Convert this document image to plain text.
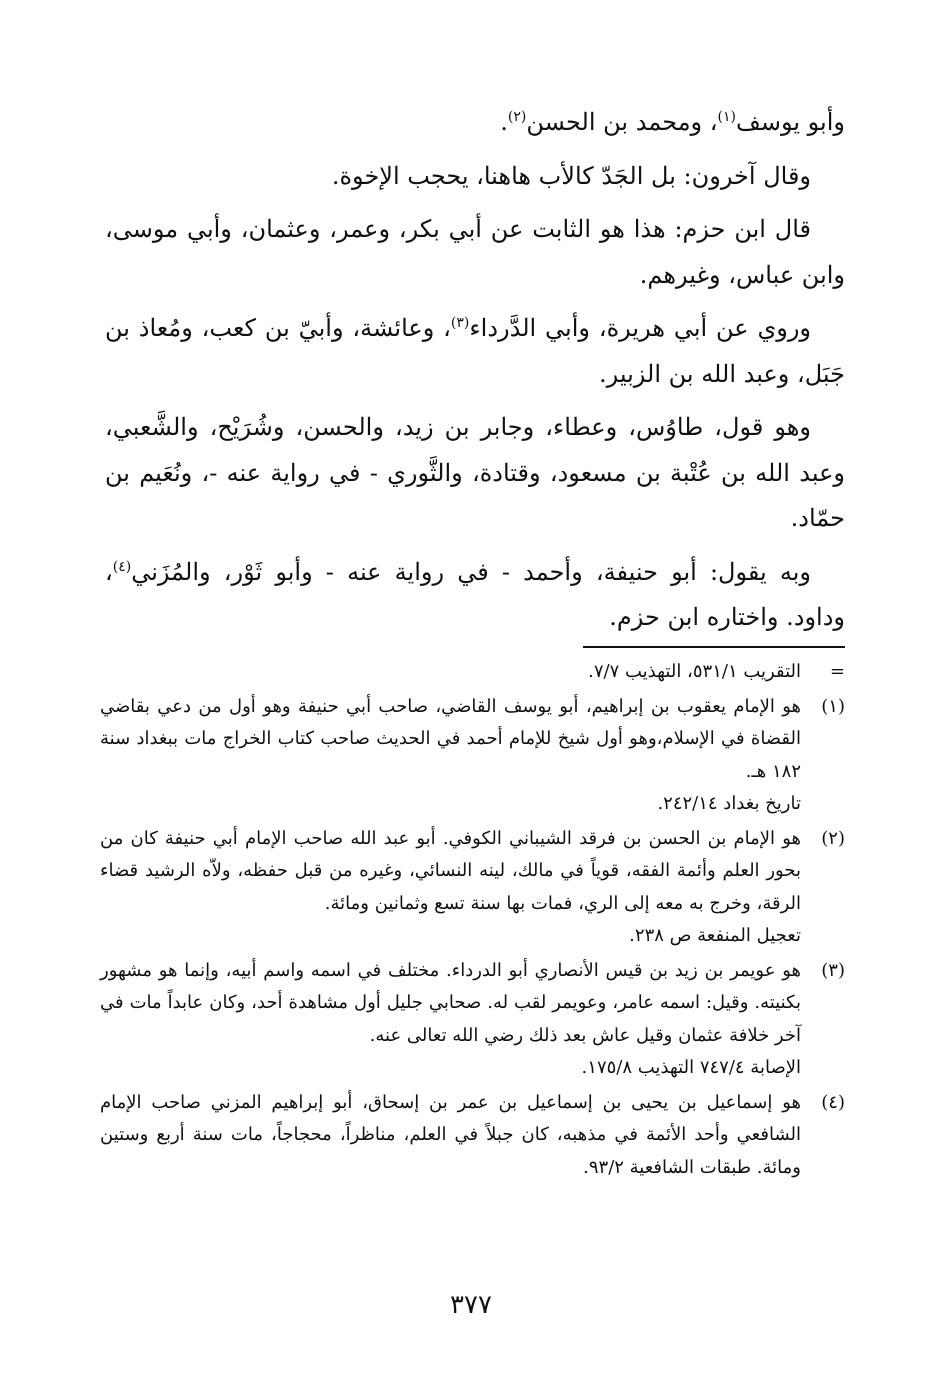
وأبو يوسف$^{(١)}$، ومحمد بن الحسن$^{(٢)}$.

وقال آخرون: بل الجَدّ كالأب هاهنا، يحجب الإخوة.

قال ابن حزم: هذا هو الثابت عن أبي بكر، وعمر، وعثمان، وأبي موسى، وابن عباس، وغيرهم.

وروي عن أبي هريرة، وأبي الدَّرداء$^{(٣)}$، وعائشة، وأبيّ بن كعب، ومُعاذ بن جَبَل، وعبد الله بن الزبير.

وهو قول، طاوُس، وعطاء، وجابر بن زيد، والحسن، وشُرَيْح، والشَّعبي، وعبد الله بن عُتْبة بن مسعود، وقتادة، والثَّوري - في رواية عنه -، ونُعَيم بن حمّاد.

وبه يقول: أبو حنيفة، وأحمد - في رواية عنه - وأبو ثَوْر، والمُزَني$^{(٤)}$، وداود. واختاره ابن حزم.

=
التقريب ٥٣١/١، التهذيب ٧/٧.
(١)
هو الإمام يعقوب بن إبراهيم، أبو يوسف القاضي، صاحب أبي حنيفة وهو أول من دعي بقاضي القضاة في الإسلام،وهو أول شيخ للإمام أحمد في الحديث صاحب كتاب الخراج مات ببغداد سنة ١٨٢ هـ.
تاريخ بغداد ٢٤٢/١٤.
(٢)
هو الإمام بن الحسن بن فرقد الشيباني الكوفي. أبو عبد الله صاحب الإمام أبي حنيفة كان من بحور العلم وأئمة الفقه، قوياً في مالك، لينه النسائي، وغيره من قبل حفظه، ولاّه الرشيد قضاء الرقة، وخرج به معه إلى الري، فمات بها سنة تسع وثمانين ومائة.
تعجيل المنفعة ص ٢٣٨.
(٣)
هو عويمر بن زيد بن قيس الأنصاري أبو الدرداء. مختلف في اسمه واسم أبيه، وإنما هو مشهور بكنيته. وقيل: اسمه عامر، وعويمر لقب له. صحابي جليل أول مشاهدة أحد، وكان عابداً مات في آخر خلافة عثمان وقيل عاش بعد ذلك رضي الله تعالى عنه.
الإصابة ٧٤٧/٤ التهذيب ١٧٥/٨.
(٤)
هو إسماعيل بن يحيى بن إسماعيل بن عمر بن إسحاق، أبو إبراهيم المزني صاحب الإمام الشافعي وأحد الأئمة في مذهبه، كان جبلاً في العلم، مناظراً، محجاجاً، مات سنة أربع وستين ومائة. طبقات الشافعية ٩٣/٢.
٣٧٧
